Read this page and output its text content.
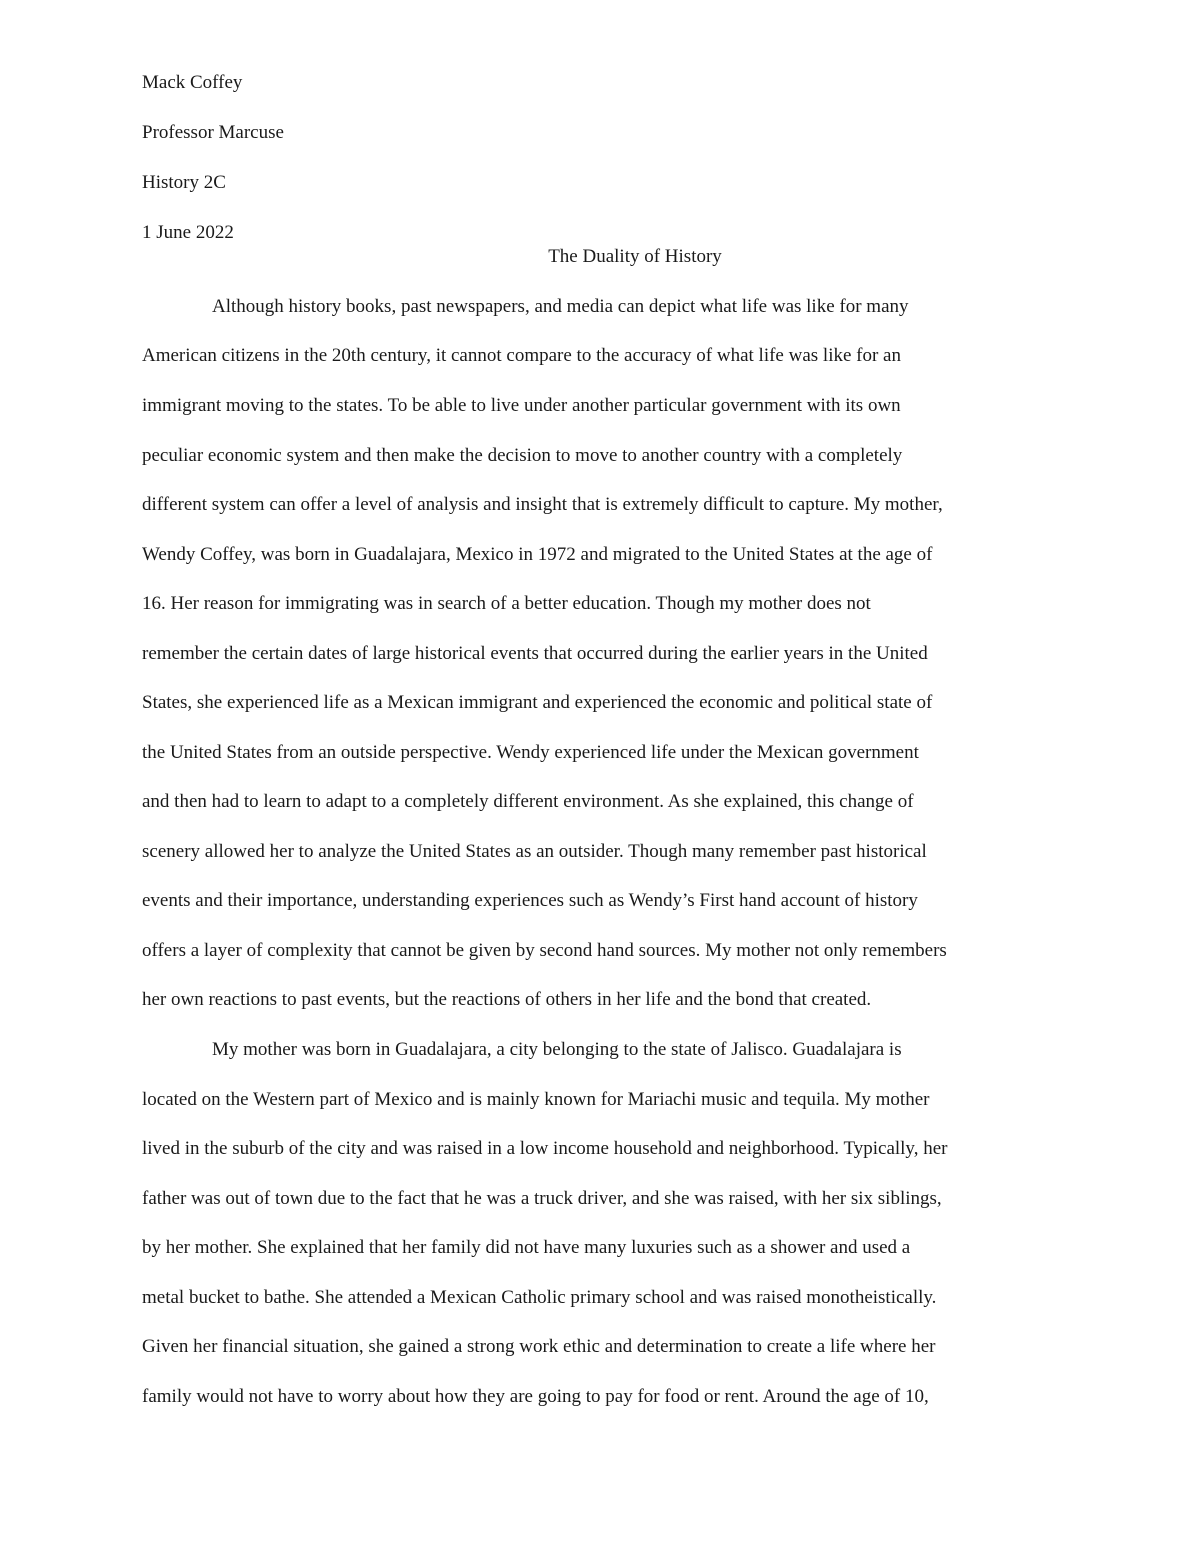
Mack Coffey
Professor Marcuse
History 2C
1 June 2022
The Duality of History
Although history books, past newspapers, and media can depict what life was like for many
American citizens in the 20th century, it cannot compare to the accuracy of what life was like for an
immigrant moving to the states. To be able to live under another particular government with its own
peculiar economic system and then make the decision to move to another country with a completely
different system can offer a level of analysis and insight that is extremely difficult to capture. My mother,
Wendy Coffey, was born in Guadalajara, Mexico in 1972 and migrated to the United States at the age of
16. Her reason for immigrating was in search of a better education. Though my mother does not
remember the certain dates of large historical events that occurred during the earlier years in the United
States, she experienced life as a Mexican immigrant and experienced the economic and political state of
the United States from an outside perspective. Wendy experienced life under the Mexican government
and then had to learn to adapt to a completely different environment. As she explained, this change of
scenery allowed her to analyze the United States as an outsider. Though many remember past historical
events and their importance, understanding experiences such as Wendy’s First hand account of history
offers a layer of complexity that cannot be given by second hand sources. My mother not only remembers
her own reactions to past events, but the reactions of others in her life and the bond that created.
My mother was born in Guadalajara, a city belonging to the state of Jalisco. Guadalajara is
located on the Western part of Mexico and is mainly known for Mariachi music and tequila. My mother
lived in the suburb of the city and was raised in a low income household and neighborhood. Typically, her
father was out of town due to the fact that he was a truck driver, and she was raised, with her six siblings,
by her mother. She explained that her family did not have many luxuries such as a shower and used a
metal bucket to bathe. She attended a Mexican Catholic primary school and was raised monotheistically.
Given her financial situation, she gained a strong work ethic and determination to create a life where her
family would not have to worry about how they are going to pay for food or rent. Around the age of 10,
